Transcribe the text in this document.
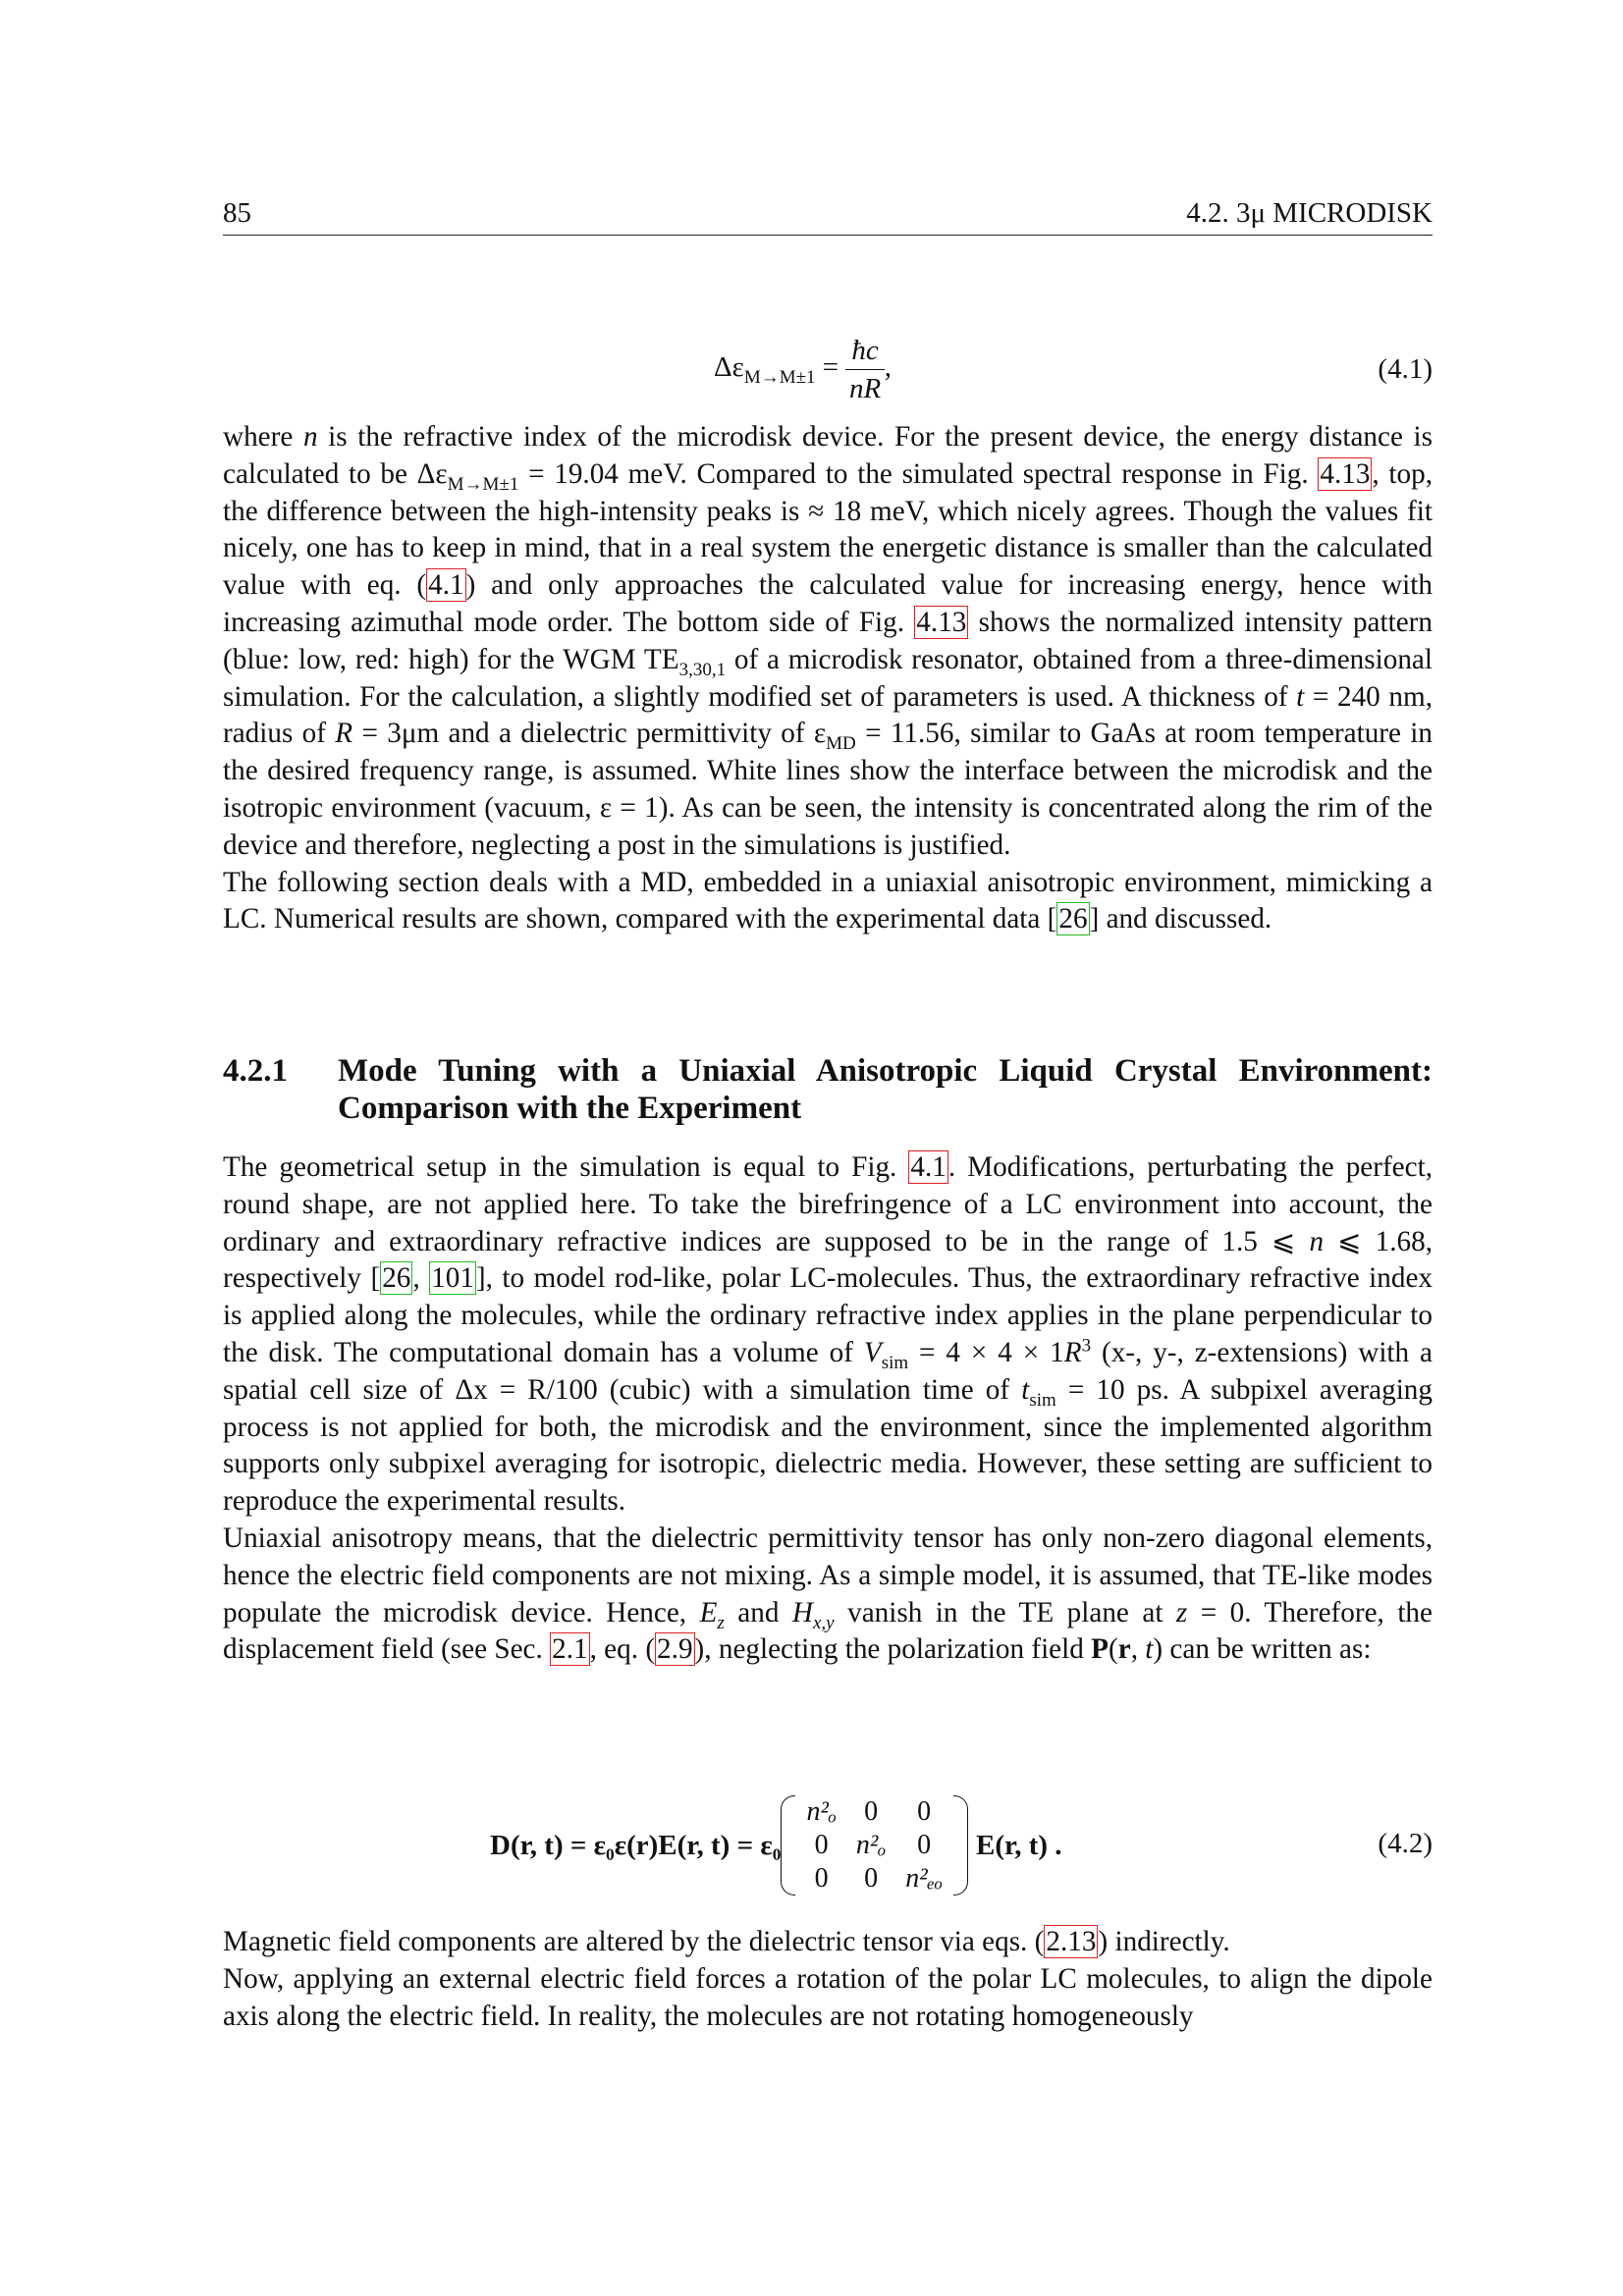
85	4.2. 3μ MICRODISK
$\Delta\varepsilon_{M\to M\pm 1} = \frac{ħc}{nR}$ ,	(4.1)

where n is the refractive index of the microdisk device. For the present device, the energy distance is calculated to be $\Delta\varepsilon_{M\to M\pm 1} = 19.04$ meV. Compared to the simulated spectral response in Fig. 4.13, top, the difference between the high-intensity peaks is ≈ 18 meV, which nicely agrees. Though the values fit nicely, one has to keep in mind, that in a real system the energetic distance is smaller than the calculated value with eq. (4.1) and only approaches the calculated value for increasing energy, hence with increasing azimuthal mode order. The bottom side of Fig. 4.13 shows the normalized intensity pattern (blue: low, red: high) for the WGM $TE_{3,30,1}$ of a microdisk resonator, obtained from a three-dimensional simulation. For the calculation, a slightly modified set of parameters is used. A thickness of t = 240 nm, radius of R = 3μm and a dielectric permittivity of $\varepsilon_{MD} = 11.56$, similar to GaAs at room temperature in the desired frequency range, is assumed. White lines show the interface between the microdisk and the isotropic environment (vacuum, ε = 1). As can be seen, the intensity is concentrated along the rim of the device and therefore, neglecting a post in the simulations is justified.

The following section deals with a MD, embedded in a uniaxial anisotropic environment, mimicking a LC. Numerical results are shown, compared with the experimental data [26] and discussed.

4.2.1 Mode Tuning with a Uniaxial Anisotropic Liquid Crystal Environment: Comparison with the Experiment

The geometrical setup in the simulation is equal to Fig. 4.1. Modifications, perturbating the perfect, round shape, are not applied here. To take the birefringence of a LC environment into account, the ordinary and extraordinary refractive indices are supposed to be in the range of 1.5 ⩽ n ⩽ 1.68, respectively [26, 101], to model rod-like, polar LC-molecules. Thus, the extraordinary refractive index is applied along the molecules, while the ordinary refractive index applies in the plane perpendicular to the disk. The computational domain has a volume of $V_{sim} = 4 \times 4 \times 1R^3$ (x-, y-, z-extensions) with a spatial cell size of Δx = R/100 (cubic) with a simulation time of $t_{sim} = 10$ ps. A subpixel averaging process is not applied for both, the microdisk and the environment, since the implemented algorithm supports only subpixel averaging for isotropic, dielectric media. However, these setting are sufficient to reproduce the experimental results.

Uniaxial anisotropy means, that the dielectric permittivity tensor has only non-zero diagonal elements, hence the electric field components are not mixing. As a simple model, it is assumed, that TE-like modes populate the microdisk device. Hence, $E_z$ and $H_{x,y}$ vanish in the TE plane at z = 0. Therefore, the displacement field (see Sec. 2.1, eq. (2.9), neglecting the polarization field P(r, t) can be written as:

D(r, t) = ε₀ε(r)E(r, t) = ε₀
n²ₒ	0	0
0	n²ₒ	0
0	0	n²ₑₒ
E(r, t) .	(4.2)

Magnetic field components are altered by the dielectric tensor via eqs. (2.13) indirectly.

Now, applying an external electric field forces a rotation of the polar LC molecules, to align the dipole axis along the electric field. In reality, the molecules are not rotating homogeneously
